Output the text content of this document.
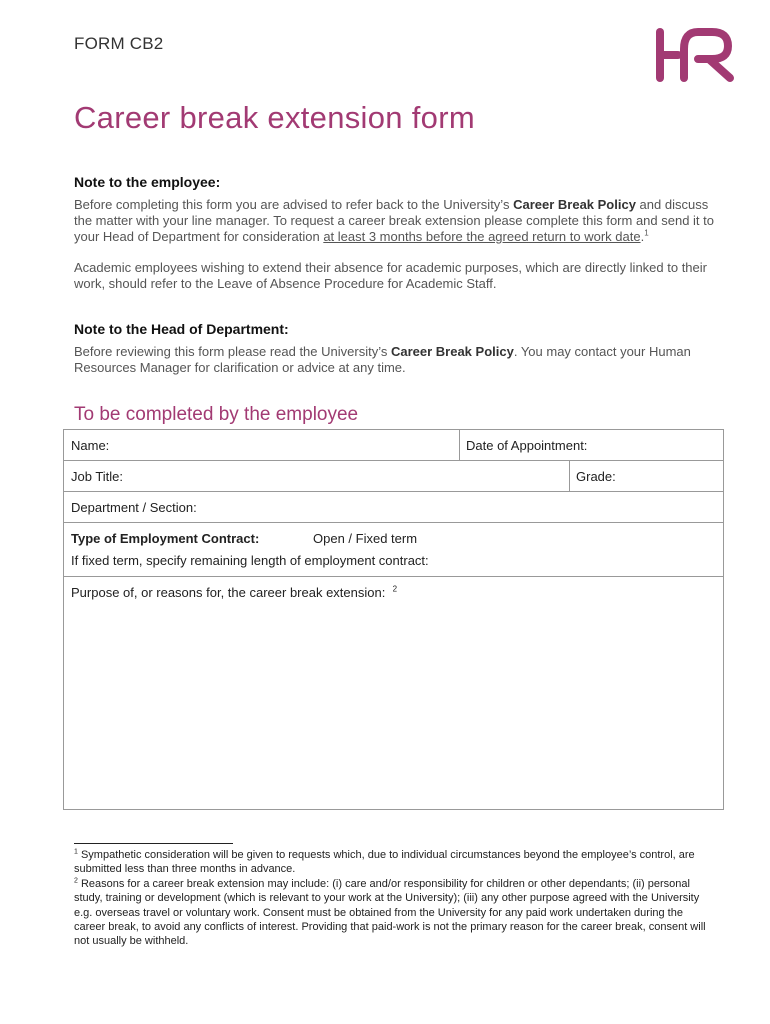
FORM CB2
Career break extension form
Note to the employee:

Before completing this form you are advised to refer back to the University’s Career Break Policy and discuss the matter with your line manager. To request a career break extension please complete this form and send it to your Head of Department for consideration at least 3 months before the agreed return to work date.$^1$

Academic employees wishing to extend their absence for academic purposes, which are directly linked to their work, should refer to the Leave of Absence Procedure for Academic Staff.

Note to the Head of Department:

Before reviewing this form please read the University’s Career Break Policy. You may contact your Human Resources Manager for clarification or advice at any time.

To be completed by the employee
Name:	Date of Appointment:
Job Title:	Grade:
Department / Section:
Type of Employment Contract:	Open / Fixed term
If fixed term, specify remaining length of employment contract:
Purpose of, or reasons for, the career break extension: $^2$

$^1$ Sympathetic consideration will be given to requests which, due to individual circumstances beyond the employee’s control, are submitted less than three months in advance.

$^2$ Reasons for a career break extension may include: (i) care and/or responsibility for children or other dependants; (ii) personal study, training or development (which is relevant to your work at the University); (iii) any other purpose agreed with the University e.g. overseas travel or voluntary work. Consent must be obtained from the University for any paid work undertaken during the career break, to avoid any conflicts of interest. Providing that paid-work is not the primary reason for the career break, consent will not usually be withheld.
